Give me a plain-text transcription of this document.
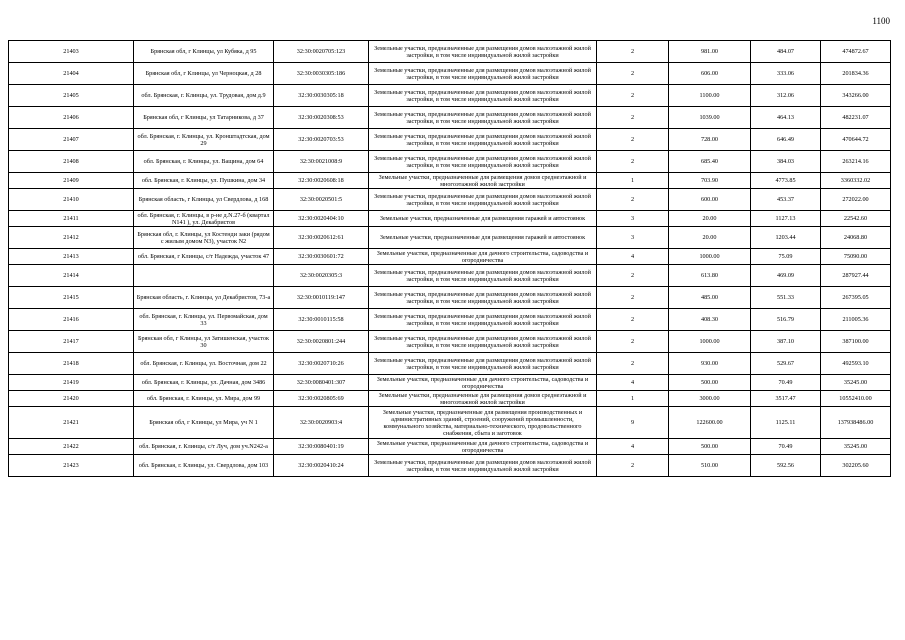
1100
21403	Брянская обл, г Клинцы, ул Кубяка, д 95	32:30:0020705:123	Земельные участки, предназначенные для размещения домов малоэтажной жилой застройки, в том числе индивидуальной жилой застройки	2	981.00	484.07	474872.67
21404	Брянская обл, г Клинцы, ул Черноцкая, д 28	32:30:0030305:186	Земельные участки, предназначенные для размещения домов малоэтажной жилой застройки, в том числе индивидуальной жилой застройки	2	606.00	333.06	201834.36
21405	обл. Брянская, г. Клинцы, ул. Трудовая, дом д.9	32:30:0030305:18	Земельные участки, предназначенные для размещения домов малоэтажной жилой застройки, в том числе индивидуальной жилой застройки	2	1100.00	312.06	343266.00
21406	Брянская обл, г Клинцы, ул Татарникова, д 37	32:30:0020308:53	Земельные участки, предназначенные для размещения домов малоэтажной жилой застройки, в том числе индивидуальной жилой застройки	2	1039.00	464.13	482231.07
21407	обл. Брянская, г. Клинцы, ул. Кронштадтская, дом 29	32:30:0020703:53	Земельные участки, предназначенные для размещения домов малоэтажной жилой застройки, в том числе индивидуальной жилой застройки	2	728.00	646.49	470644.72
21408	обл. Брянская, г. Клинцы, ул. Ващина, дом 64	32:30:0021008:9	Земельные участки, предназначенные для размещения домов малоэтажной жилой застройки, в том числе индивидуальной жилой застройки	2	685.40	384.03	263214.16
21409	обл. Брянская, г. Клинцы, ул. Пушкина, дом 34	32:30:0020608:18	Земельные участки, предназначенные для размещения домов среднеэтажной и многоэтажной жилой застройки	1	703.90	4773.85	3360332.02
21410	Брянская область, г Клинцы, ул Свердлова, д 168	32:30:0020501:5	Земельные участки, предназначенные для размещения домов малоэтажной жилой застройки, в том числе индивидуальной жилой застройки	2	600.00	453.37	272022.00
21411	обл. Брянская, г. Клинцы, в р-не д.N.27-б (квартал N141 ), ул. Декабристов	32:30:0020404:10	Земельные участки, предназначенные для размещения гаражей и автостоянок	3	20.00	1127.13	22542.60
21412	Брянская обл, г. Клинцы, ул Костенди заки (рядом с жилым домом N3), участок N2	32:30:0020612:61	Земельные участки, предназначенные для размещения гаражей и автостоянок	3	20.00	1203.44	24068.80
21413	обл. Брянская, г Клинцы, с/т Надежда, участок 47	32:30:0030601:72	Земельные участки, предназначенные для дачного строительства, садоводства и огородничества	4	1000.00	75.09	75090.00
21414		32:30:0020305:3	Земельные участки, предназначенные для размещения домов малоэтажной жилой застройки, в том числе индивидуальной жилой застройки	2	613.80	469.09	287927.44
21415	Брянская область, г. Клинцы, ул Декабристов, 73-а	32:30:0010119:147	Земельные участки, предназначенные для размещения домов малоэтажной жилой застройки, в том числе индивидуальной жилой застройки	2	485.00	551.33	267395.05
21416	обл. Брянская, г. Клинцы, ул. Первомайская, дом 33	32:30:0010115:58	Земельные участки, предназначенные для размещения домов малоэтажной жилой застройки, в том числе индивидуальной жилой застройки	2	408.30	516.79	211005.36
21417	Брянская обл, г Клинцы, ул Затишенская, участок 30	32:30:0020801:244	Земельные участки, предназначенные для размещения домов малоэтажной жилой застройки, в том числе индивидуальной жилой застройки	2	1000.00	387.10	387100.00
21418	обл. Брянская, г. Клинцы, ул. Восточная, дом 22	32:30:0020710:26	Земельные участки, предназначенные для размещения домов малоэтажной жилой застройки, в том числе индивидуальной жилой застройки	2	930.00	529.67	492593.10
21419	обл. Брянская, г. Клинцы, ул. Дачная, дом 3486	32:30:0080401:307	Земельные участки, предназначенные для дачного строительства, садоводства и огородничества	4	500.00	70.49	35245.00
21420	обл. Брянская, г. Клинцы, ул. Мира, дом 99	32:30:0020805:69	Земельные участки, предназначенные для размещения домов среднеэтажной и многоэтажной жилой застройки	1	3000.00	3517.47	10552410.00
21421	Брянская обл, г Клинцы, ул Мира, уч N 1	32:30:0020903:4	Земельные участки, предназначенные для размещения производственных и административных зданий, строений, сооружений промышленности, коммунального хозяйства, материально-технического, продовольственного снабжения, сбыта и заготовок	9	122600.00	1125.11	137938486.00
21422	обл. Брянская, г. Клинцы, с/т Луч, дом уч.N242-а	32:30:0080401:19	Земельные участки, предназначенные для дачного строительства, садоводства и огородничества	4	500.00	70.49	35245.00
21423	обл. Брянская, г. Клинцы, ул. Свердлова, дом 103	32:30:0020410:24	Земельные участки, предназначенные для размещения домов малоэтажной жилой застройки, в том числе индивидуальной жилой застройки	2	510.00	592.56	302205.60
